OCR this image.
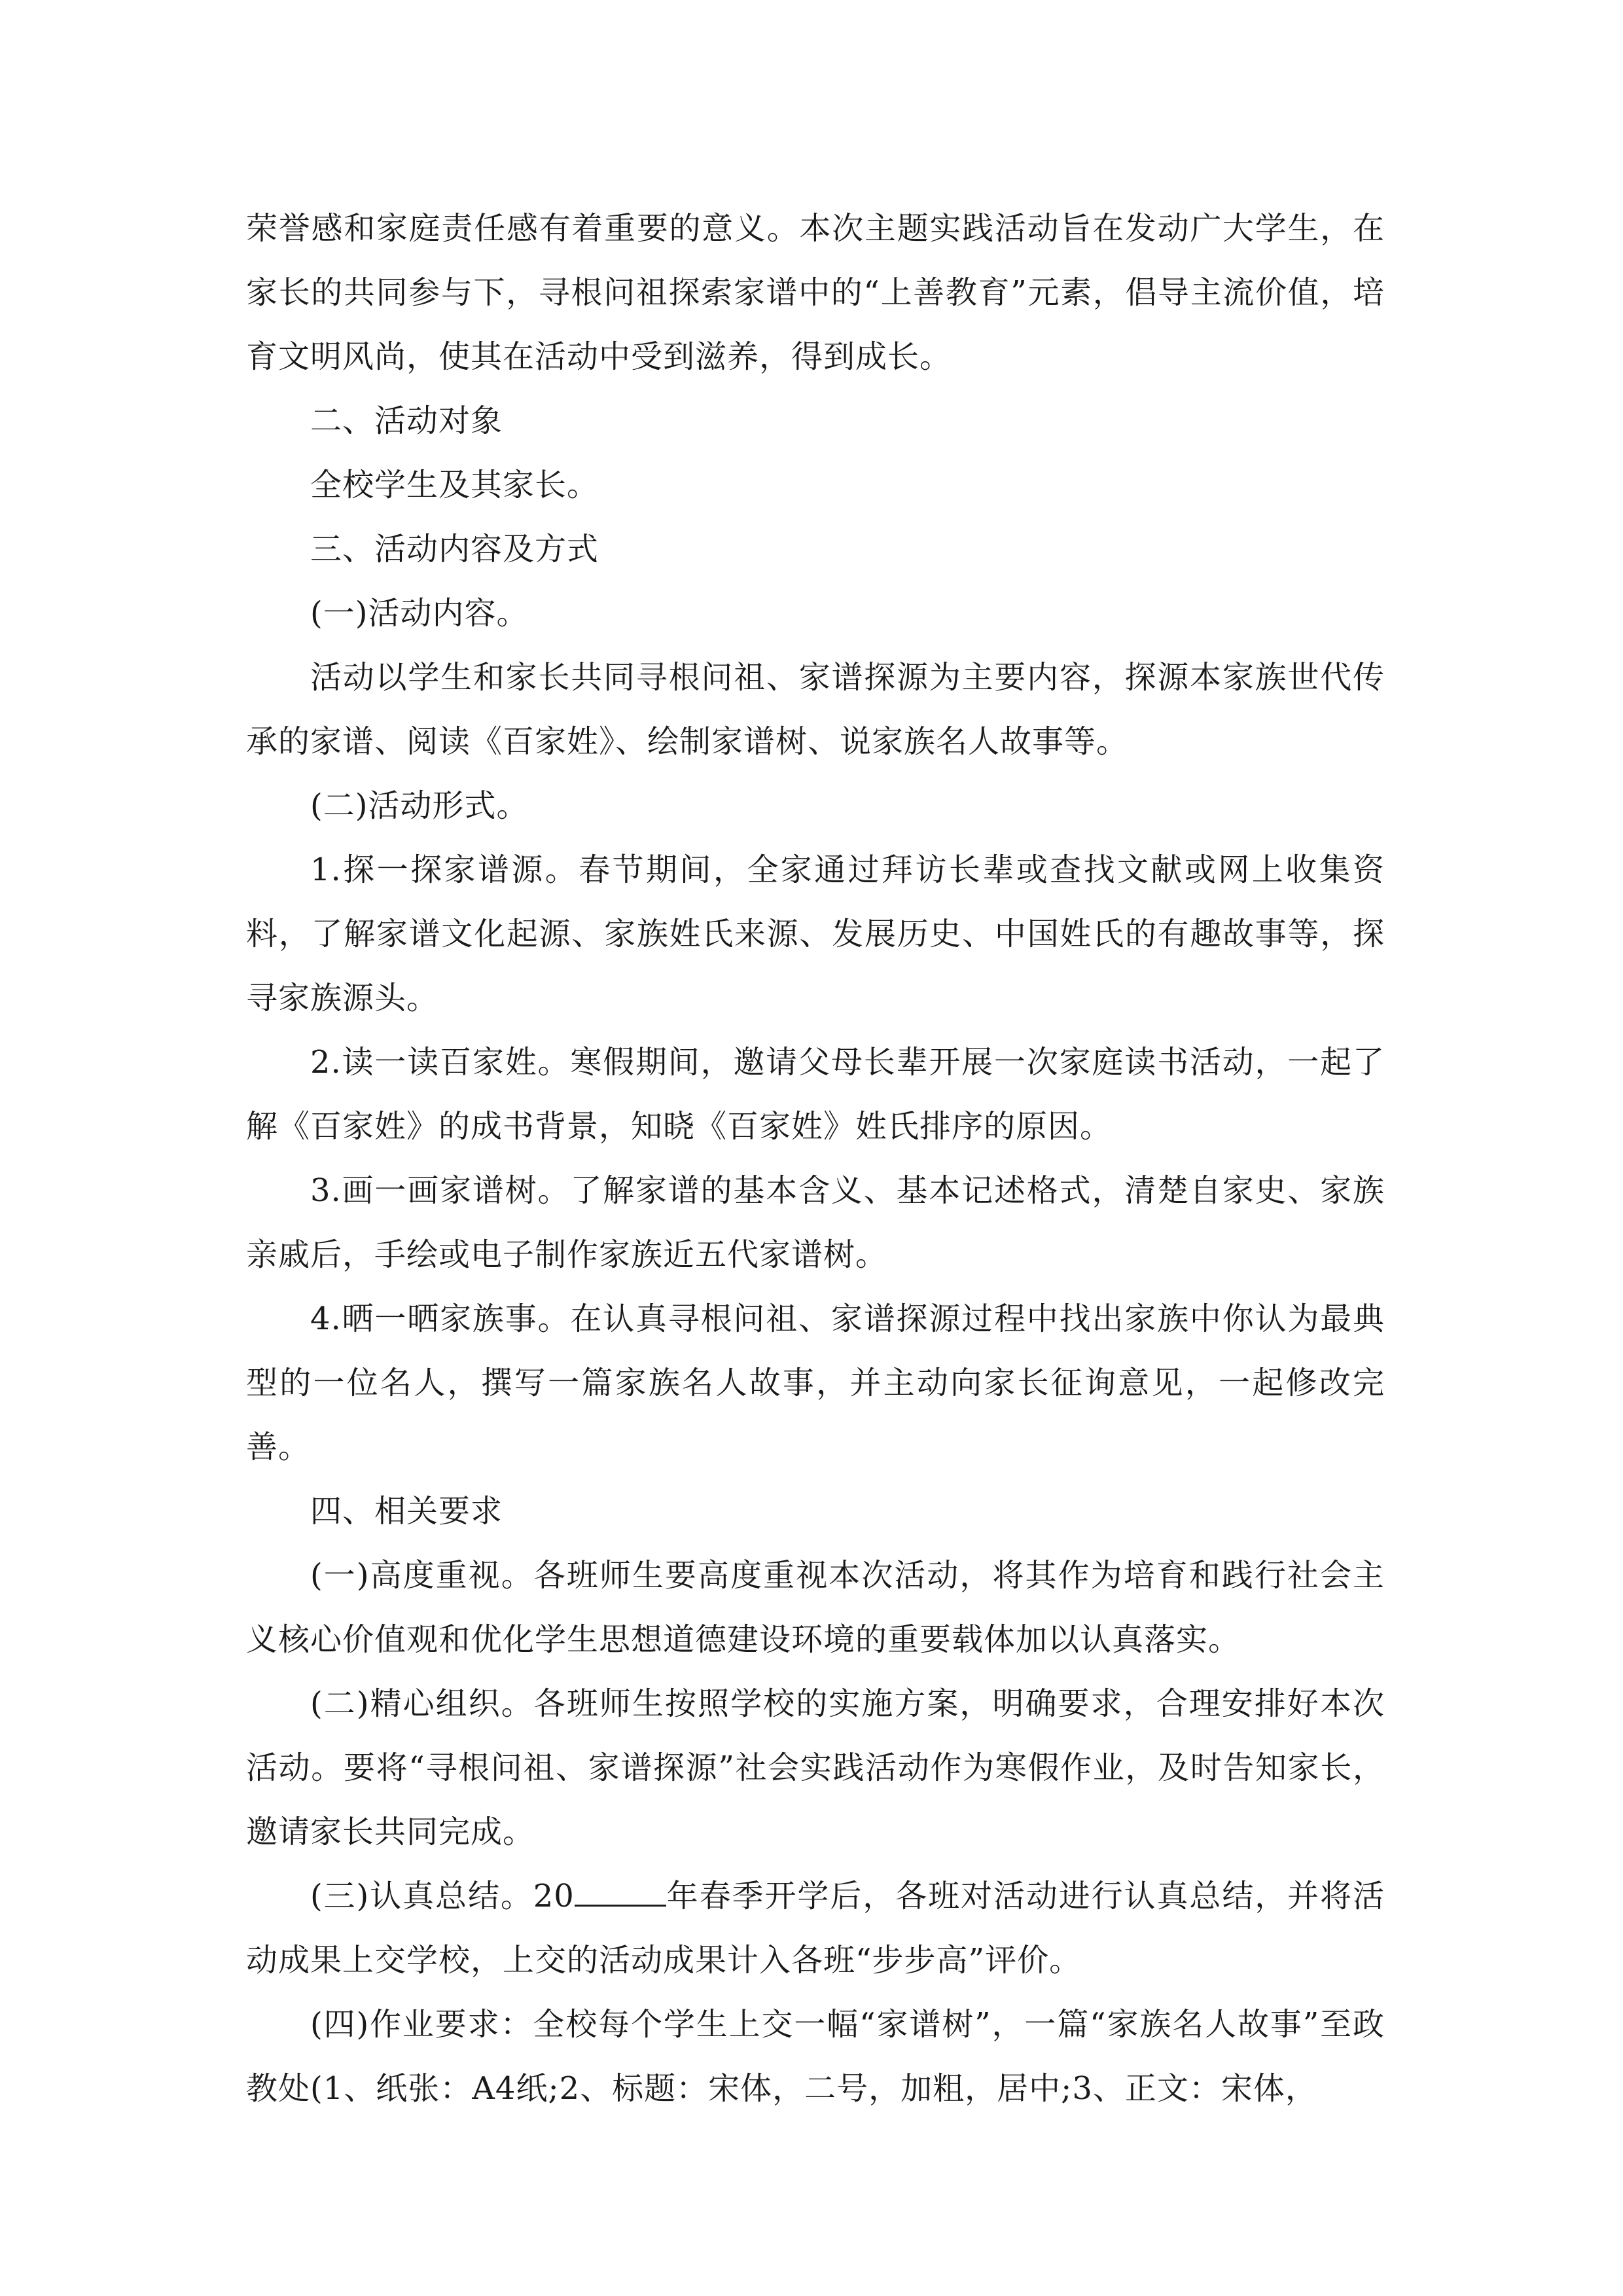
荣誉感和家庭责任感有着重要的意义。本次主题实践活动旨在发动广大学生，在家长的共同参与下，寻根问祖探索家谱中的“上善教育”元素，倡导主流价值，培育文明风尚，使其在活动中受到滋养，得到成长。

二、活动对象

全校学生及其家长。

三、活动内容及方式

(一)活动内容。

活动以学生和家长共同寻根问祖、家谱探源为主要内容，探源本家族世代传承的家谱、阅读《百家姓》、绘制家谱树、说家族名人故事等。

(二)活动形式。

1.探一探家谱源。春节期间，全家通过拜访长辈或查找文献或网上收集资料，了解家谱文化起源、家族姓氏来源、发展历史、中国姓氏的有趣故事等，探寻家族源头。

2.读一读百家姓。寒假期间，邀请父母长辈开展一次家庭读书活动，一起了解《百家姓》的成书背景，知晓《百家姓》姓氏排序的原因。

3.画一画家谱树。了解家谱的基本含义、基本记述格式，清楚自家史、家族亲戚后，手绘或电子制作家族近五代家谱树。

4.晒一晒家族事。在认真寻根问祖、家谱探源过程中找出家族中你认为最典型的一位名人，撰写一篇家族名人故事，并主动向家长征询意见，一起修改完善。

四、相关要求

(一)高度重视。各班师生要高度重视本次活动，将其作为培育和践行社会主义核心价值观和优化学生思想道德建设环境的重要载体加以认真落实。

(二)精心组织。各班师生按照学校的实施方案，明确要求，合理安排好本次活动。要将“寻根问祖、家谱探源”社会实践活动作为寒假作业，及时告知家长，邀请家长共同完成。

(三)认真总结。20	年春季开学后，各班对活动进行认真总结，并将活动成果上交学校，上交的活动成果计入各班“步步高”评价。

(四)作业要求：全校每个学生上交一幅“家谱树”，一篇“家族名人故事”至政教处(1、纸张：A4纸;2、标题：宋体，二号，加粗，居中;3、正文：宋体，
